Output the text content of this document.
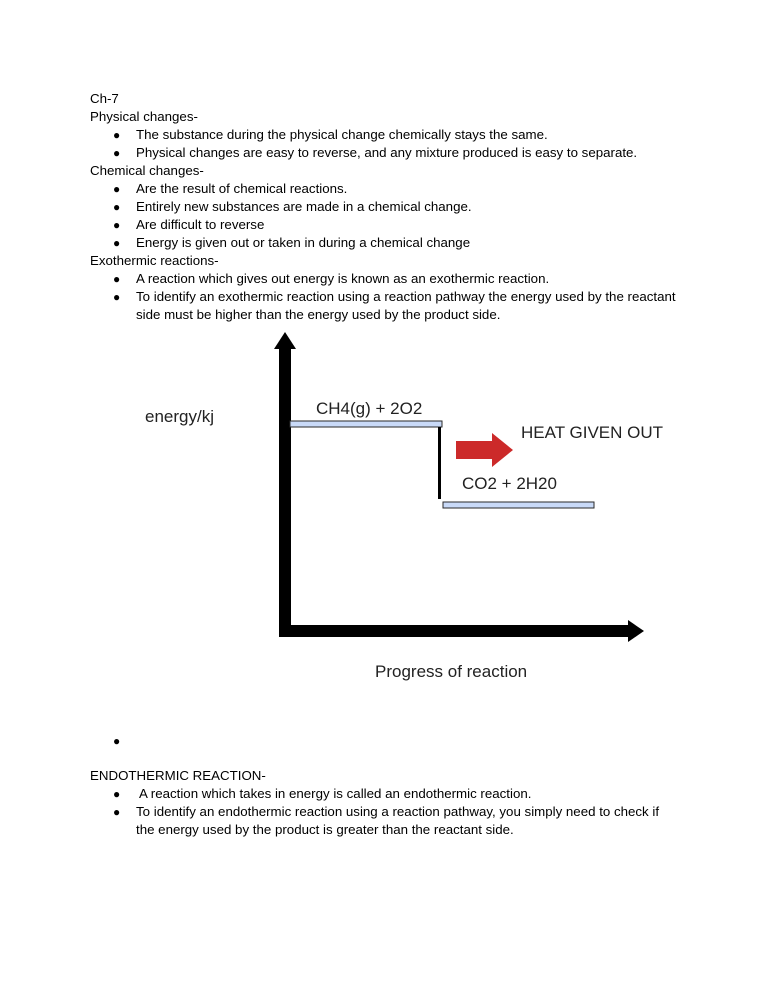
Ch-7
Physical changes-
● The substance during the physical change chemically stays the same.
● Physical changes are easy to reverse, and any mixture produced is easy to separate.
Chemical changes-
● Are the result of chemical reactions.
● Entirely new substances are made in a chemical change.
● Are difficult to reverse
● Energy is given out or taken in during a chemical change
Exothermic reactions-
● A reaction which gives out energy is known as an exothermic reaction.
● To identify an exothermic reaction using a reaction pathway the energy used by the reactant side must be higher than the energy used by the product side.
energy/kj	CH4(g) + 2O2
HEAT GIVEN OUT
CO2 + 2H20
Progress of reaction
●
ENDOTHERMIC REACTION-
● A reaction which takes in energy is called an endothermic reaction.
● To identify an endothermic reaction using a reaction pathway, you simply need to check if the energy used by the product is greater than the reactant side.
